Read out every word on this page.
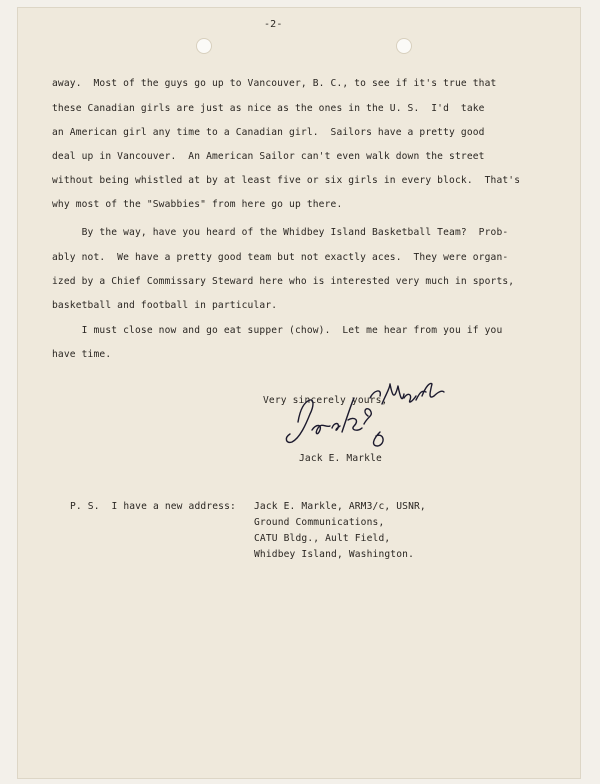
-2-
away.  Most of the guys go up to Vancouver, B. C., to see if it's true that
these Canadian girls are just as nice as the ones in the U. S.  I'd  take
an American girl any time to a Canadian girl.  Sailors have a pretty good
deal up in Vancouver.  An American Sailor can't even walk down the street
without being whistled at by at least five or six girls in every block.  That's
why most of the "Swabbies" from here go up there.
By the way, have you heard of the Whidbey Island Basketball Team?  Prob-
ably not.  We have a pretty good team but not exactly aces.  They were organ-
ized by a Chief Commissary Steward here who is interested very much in sports,
basketball and football in particular.
I must close now and go eat supper (chow).  Let me hear from you if you
have time.
Very sincerely yours,
Jack E. Markle
P. S.  I have a new address: Jack E. Markle, ARM3/c, USNR,
Ground Communications,
CATU Bldg., Ault Field,
Whidbey Island, Washington.
